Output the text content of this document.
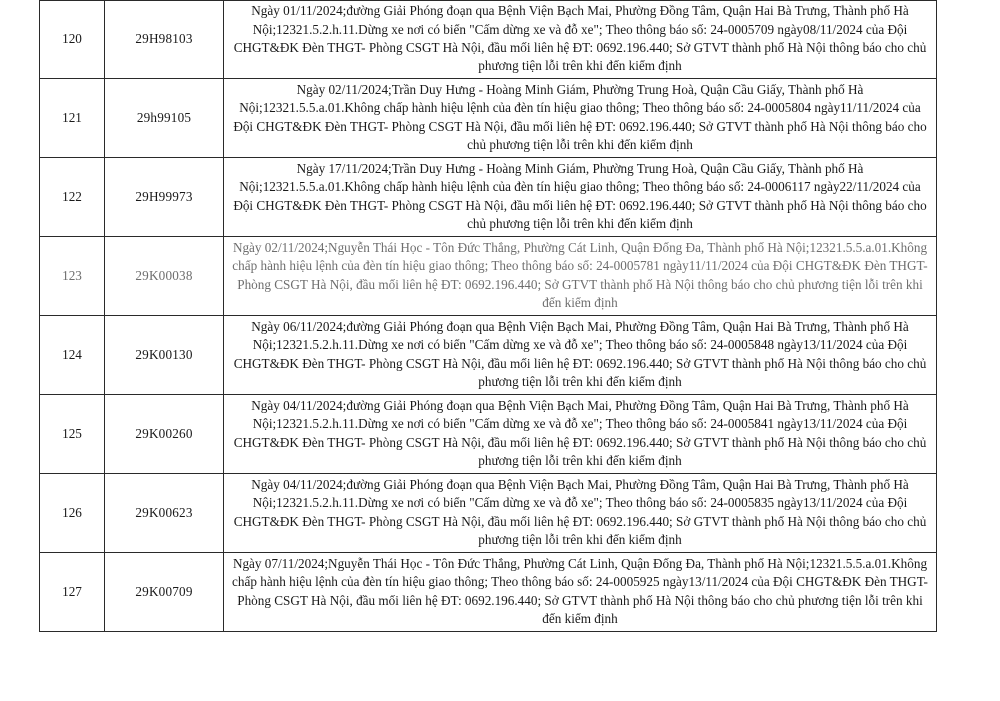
120	29H98103	Ngày 01/11/2024;đường Giải Phóng đoạn qua Bệnh Viện Bạch Mai, Phường Đồng Tâm, Quận Hai Bà Trưng, Thành phố Hà Nội;12321.5.2.h.11.Dừng xe nơi có biển "Cấm dừng xe và đỗ xe"; Theo thông báo số: 24-0005709 ngày08/11/2024 của Đội CHGT&ĐK Đèn THGT- Phòng CSGT Hà Nội, đầu mối liên hệ ĐT: 0692.196.440; Sở GTVT thành phố Hà Nội thông báo cho chủ phương tiện lỗi trên khi đến kiểm định
121	29h99105	Ngày 02/11/2024;Trần Duy Hưng - Hoàng Minh Giám, Phường Trung Hoà, Quận Cầu Giấy, Thành phố Hà Nội;12321.5.5.a.01.Không chấp hành hiệu lệnh của đèn tín hiệu giao thông; Theo thông báo số: 24-0005804 ngày11/11/2024 của Đội CHGT&ĐK Đèn THGT- Phòng CSGT Hà Nội, đầu mối liên hệ ĐT: 0692.196.440; Sở GTVT thành phố Hà Nội thông báo cho chủ phương tiện lỗi trên khi đến kiểm định
122	29H99973	Ngày 17/11/2024;Trần Duy Hưng - Hoàng Minh Giám, Phường Trung Hoà, Quận Cầu Giấy, Thành phố Hà Nội;12321.5.5.a.01.Không chấp hành hiệu lệnh của đèn tín hiệu giao thông; Theo thông báo số: 24-0006117 ngày22/11/2024 của Đội CHGT&ĐK Đèn THGT- Phòng CSGT Hà Nội, đầu mối liên hệ ĐT: 0692.196.440; Sở GTVT thành phố Hà Nội thông báo cho chủ phương tiện lỗi trên khi đến kiểm định
123	29K00038	Ngày 02/11/2024;Nguyễn Thái Học - Tôn Đức Thắng, Phường Cát Linh, Quận Đống Đa, Thành phố Hà Nội;12321.5.5.a.01.Không chấp hành hiệu lệnh của đèn tín hiệu giao thông; Theo thông báo số: 24-0005781 ngày11/11/2024 của Đội CHGT&ĐK Đèn THGT- Phòng CSGT Hà Nội, đầu mối liên hệ ĐT: 0692.196.440; Sở GTVT thành phố Hà Nội thông báo cho chủ phương tiện lỗi trên khi đến kiểm định
124	29K00130	Ngày 06/11/2024;đường Giải Phóng đoạn qua Bệnh Viện Bạch Mai, Phường Đồng Tâm, Quận Hai Bà Trưng, Thành phố Hà Nội;12321.5.2.h.11.Dừng xe nơi có biển "Cấm dừng xe và đỗ xe"; Theo thông báo số: 24-0005848 ngày13/11/2024 của Đội CHGT&ĐK Đèn THGT- Phòng CSGT Hà Nội, đầu mối liên hệ ĐT: 0692.196.440; Sở GTVT thành phố Hà Nội thông báo cho chủ phương tiện lỗi trên khi đến kiểm định
125	29K00260	Ngày 04/11/2024;đường Giải Phóng đoạn qua Bệnh Viện Bạch Mai, Phường Đồng Tâm, Quận Hai Bà Trưng, Thành phố Hà Nội;12321.5.2.h.11.Dừng xe nơi có biển "Cấm dừng xe và đỗ xe"; Theo thông báo số: 24-0005841 ngày13/11/2024 của Đội CHGT&ĐK Đèn THGT- Phòng CSGT Hà Nội, đầu mối liên hệ ĐT: 0692.196.440; Sở GTVT thành phố Hà Nội thông báo cho chủ phương tiện lỗi trên khi đến kiểm định
126	29K00623	Ngày 04/11/2024;đường Giải Phóng đoạn qua Bệnh Viện Bạch Mai, Phường Đồng Tâm, Quận Hai Bà Trưng, Thành phố Hà Nội;12321.5.2.h.11.Dừng xe nơi có biển "Cấm dừng xe và đỗ xe"; Theo thông báo số: 24-0005835 ngày13/11/2024 của Đội CHGT&ĐK Đèn THGT- Phòng CSGT Hà Nội, đầu mối liên hệ ĐT: 0692.196.440; Sở GTVT thành phố Hà Nội thông báo cho chủ phương tiện lỗi trên khi đến kiểm định
127	29K00709	Ngày 07/11/2024;Nguyễn Thái Học - Tôn Đức Thắng, Phường Cát Linh, Quận Đống Đa, Thành phố Hà Nội;12321.5.5.a.01.Không chấp hành hiệu lệnh của đèn tín hiệu giao thông; Theo thông báo số: 24-0005925 ngày13/11/2024 của Đội CHGT&ĐK Đèn THGT- Phòng CSGT Hà Nội, đầu mối liên hệ ĐT: 0692.196.440; Sở GTVT thành phố Hà Nội thông báo cho chủ phương tiện lỗi trên khi đến kiểm định
